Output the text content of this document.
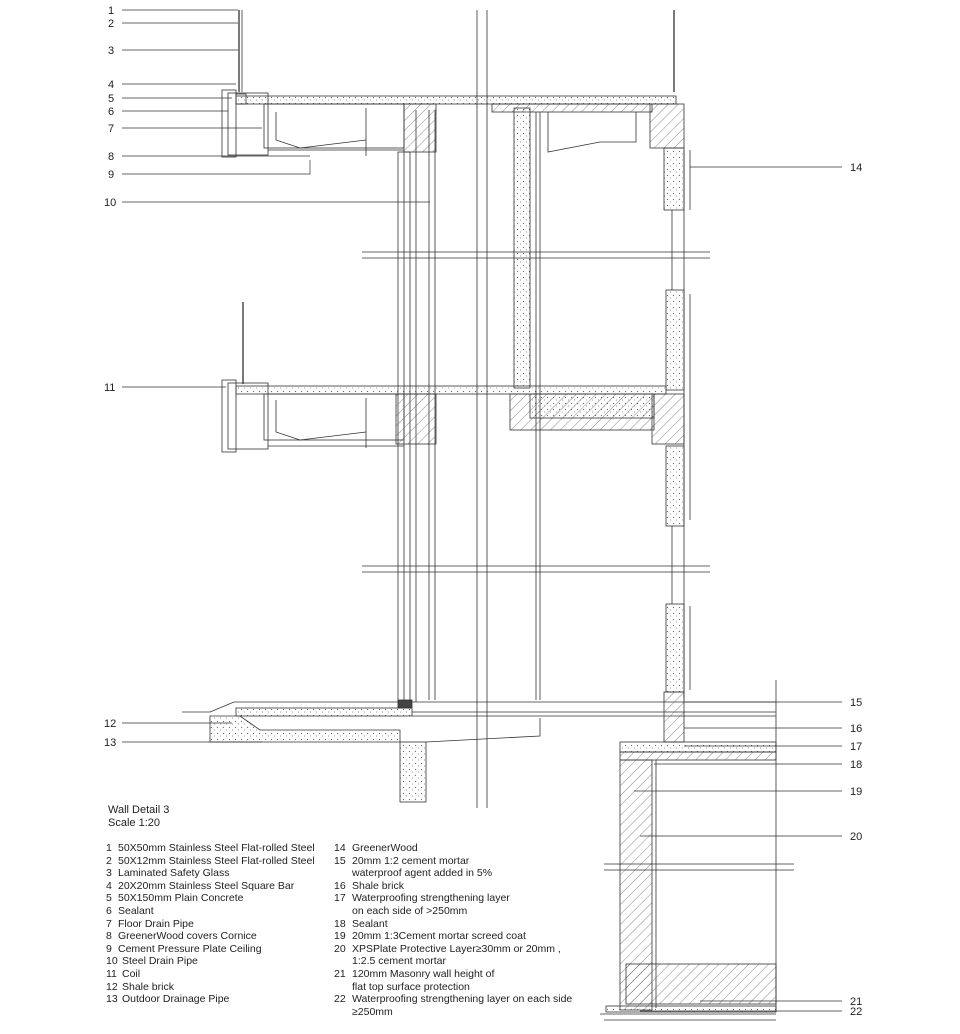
1
2
3
4
5
6
7
8
9
10
11
12
13
14
15
16
17
18
19
20
21
22
Wall Detail 3
Scale 1:20
1 50X50mm Stainless Steel Flat-rolled Steel
2 50X12mm Stainless Steel Flat-rolled Steel
3 Laminated Safety Glass
4 20X20mm Stainless Steel Square Bar
5 50X150mm Plain Concrete
6 Sealant
7 Floor Drain Pipe
8 GreenerWood covers Cornice
9 Cement Pressure Plate Ceiling
10 Steel Drain Pipe
11 Coil
12 Shale brick
13 Outdoor Drainage Pipe
14 GreenerWood
15 20mm 1:2 cement mortar
waterproof agent added in 5%
16 Shale brick
17 Waterproofing strengthening layer
on each side of >250mm
18 Sealant
19 20mm 1:3Cement mortar screed coat
20 XPSPlate Protective Layer≥30mm or 20mm ,
1:2.5 cement mortar
21 120mm Masonry wall height of
flat top surface protection
22 Waterproofing strengthening layer on each side
≥250mm
